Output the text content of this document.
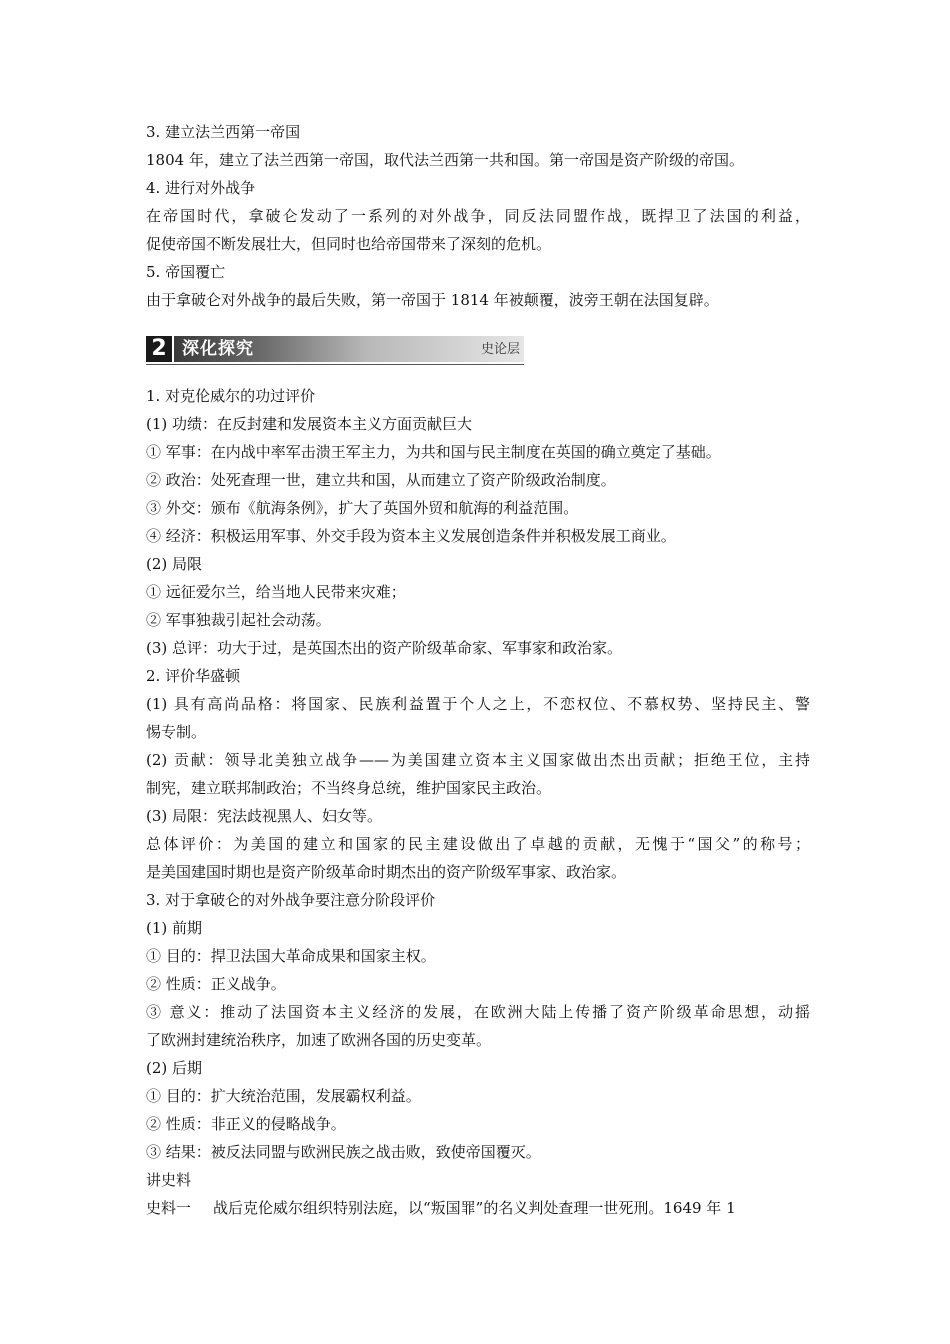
3. 建立法兰西第一帝国
1804 年，建立了法兰西第一帝国，取代法兰西第一共和国。第一帝国是资产阶级的帝国。
4. 进行对外战争
在帝国时代，拿破仑发动了一系列的对外战争，同反法同盟作战，既捍卫了法国的利益，
促使帝国不断发展壮大，但同时也给帝国带来了深刻的危机。
5. 帝国覆亡
由于拿破仑对外战争的最后失败，第一帝国于 1814 年被颠覆，波旁王朝在法国复辟。
2 深化探究	史论层
1. 对克伦威尔的功过评价
(1) 功绩：在反封建和发展资本主义方面贡献巨大
① 军事：在内战中率军击溃王军主力，为共和国与民主制度在英国的确立奠定了基础。
② 政治：处死查理一世，建立共和国，从而建立了资产阶级政治制度。
③ 外交：颁布《航海条例》，扩大了英国外贸和航海的利益范围。
④ 经济：积极运用军事、外交手段为资本主义发展创造条件并积极发展工商业。
(2) 局限
① 远征爱尔兰，给当地人民带来灾难；
② 军事独裁引起社会动荡。
(3) 总评：功大于过，是英国杰出的资产阶级革命家、军事家和政治家。
2. 评价华盛顿
(1) 具有高尚品格：将国家、民族利益置于个人之上，不恋权位、不慕权势、坚持民主、警
惕专制。
(2) 贡献：领导北美独立战争——为美国建立资本主义国家做出杰出贡献；拒绝王位，主持
制宪，建立联邦制政治；不当终身总统，维护国家民主政治。
(3) 局限：宪法歧视黑人、妇女等。
总体评价：为美国的建立和国家的民主建设做出了卓越的贡献，无愧于“国父”的称号；
是美国建国时期也是资产阶级革命时期杰出的资产阶级军事家、政治家。
3. 对于拿破仑的对外战争要注意分阶段评价
(1) 前期
① 目的：捍卫法国大革命成果和国家主权。
② 性质：正义战争。
③ 意义：推动了法国资本主义经济的发展，在欧洲大陆上传播了资产阶级革命思想，动摇
了欧洲封建统治秩序，加速了欧洲各国的历史变革。
(2) 后期
① 目的：扩大统治范围，发展霸权利益。
② 性质：非正义的侵略战争。
③ 结果：被反法同盟与欧洲民族之战击败，致使帝国覆灭。
讲史料
史料一 战后克伦威尔组织特别法庭，以“叛国罪”的名义判处查理一世死刑。1649 年 1
